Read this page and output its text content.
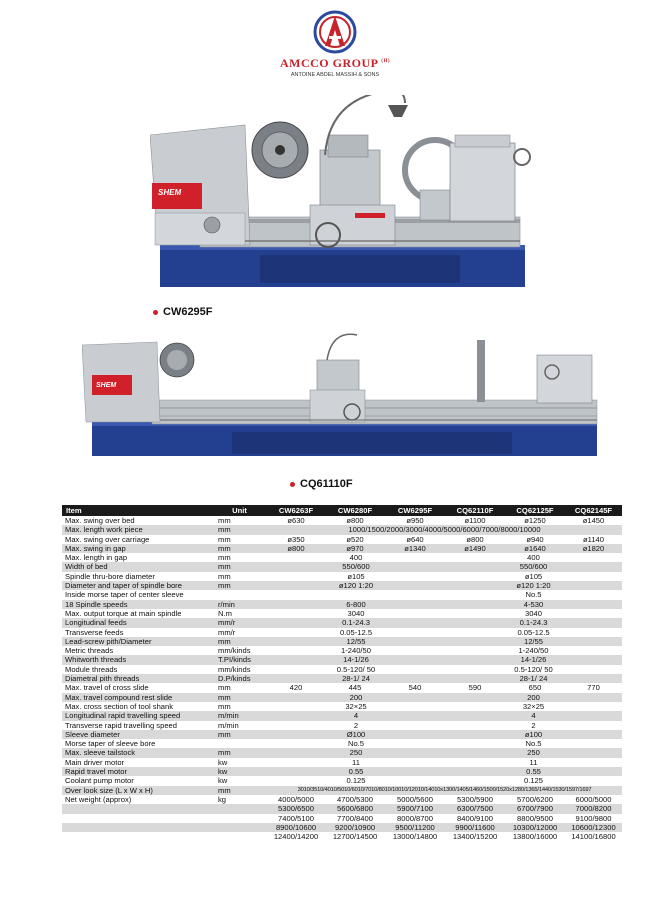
AMCCO GROUP $^{(H)}$
ANTOINE ABDEL MASSIH & SONS
SHEM
CW6295F
SHEM
CQ61110F
Item	Unit	CW6263F	CW6280F	CW6295F	CQ62110F	CQ62125F	CQ62145F
Max. swing over bed	mm	ø630	ø800	ø950	ø1100	ø1250	ø1450
Max. length work piece	mm	1000/1500/2000/3000/4000/5000/6000/7000/8000/10000					
Max. swing over carriage	mm	ø350	ø520	ø640	ø800	ø940	ø1140
Max. swing in gap	mm	ø800	ø970	ø1340	ø1490	ø1640	ø1820
Max. length in gap	mm	400			400		
Width of bed	mm	550/600			550/600		
Spindle thru-bore diameter	mm	ø105			ø105		
Diameter and taper of spindle bore	mm	ø120 1:20			ø120 1:20		
Inside morse taper of center sleeve					No.5		
18 Spindle speeds	r/min	6-800			4-530		
Max. output torque at main spindle	N.m	3040			3040		
Longitudinal feeds	mm/r	0.1-24.3			0.1-24.3		
Transverse feeds	mm/r	0.05-12.5			0.05-12.5		
Lead-screw pith/Diameter	mm	12/55			12/55		
Metric threads	mm/kinds	1-240/50			1-240/50		
Whitworth threads	T.PI/kinds	14-1/26			14-1/26		
Module threads	mm/kinds	0.5-120/ 50			0.5-120/ 50		
Diametral pith threads	D.P/kinds	28-1/ 24			28-1/ 24		
Max. travel of cross slide	mm	420	445	540	590	650	770
Max. travel compound rest slide	mm	200			200		
Max. cross section of tool shank	mm	32×25			32×25		
Longitudinal rapid travelling speed	m/min	4			4		
Transverse rapid travelling speed	m/min	2			2		
Sleeve diameter	mm	Ø100			ø100		
Morse taper of sleeve bore		No.5			No.5		
Max. sleeve tailstock	mm	250			250		
Main driver motor	kw	11			11		
Rapid travel motor	kw	0.55			0.55		
Coolant pump motor	kw	0.125			0.125		
Over look size (L x W x H)	mm	3010/3510/4010/5010/6010/7010/8010/10010/12010/14010x1300/1405/1460/1500/1520x1280/1365/1440/1530/1597/1697					
Net weight (approx)	kg	4000/5000	4700/5300	5000/5600	5300/5900	5700/6200	6000/5000
		5300/6500	5600/6800	5900/7100	6300/7500	6700/7900	7000/8200
		7400/5100	7700/8400	8000/8700	8400/9100	8800/9500	9100/9800
		8900/10600	9200/10900	9500/11200	9900/11600	10300/12000	10600/12300
		12400/14200	12700/14500	13000/14800	13400/15200	13800/16000	14100/16800
